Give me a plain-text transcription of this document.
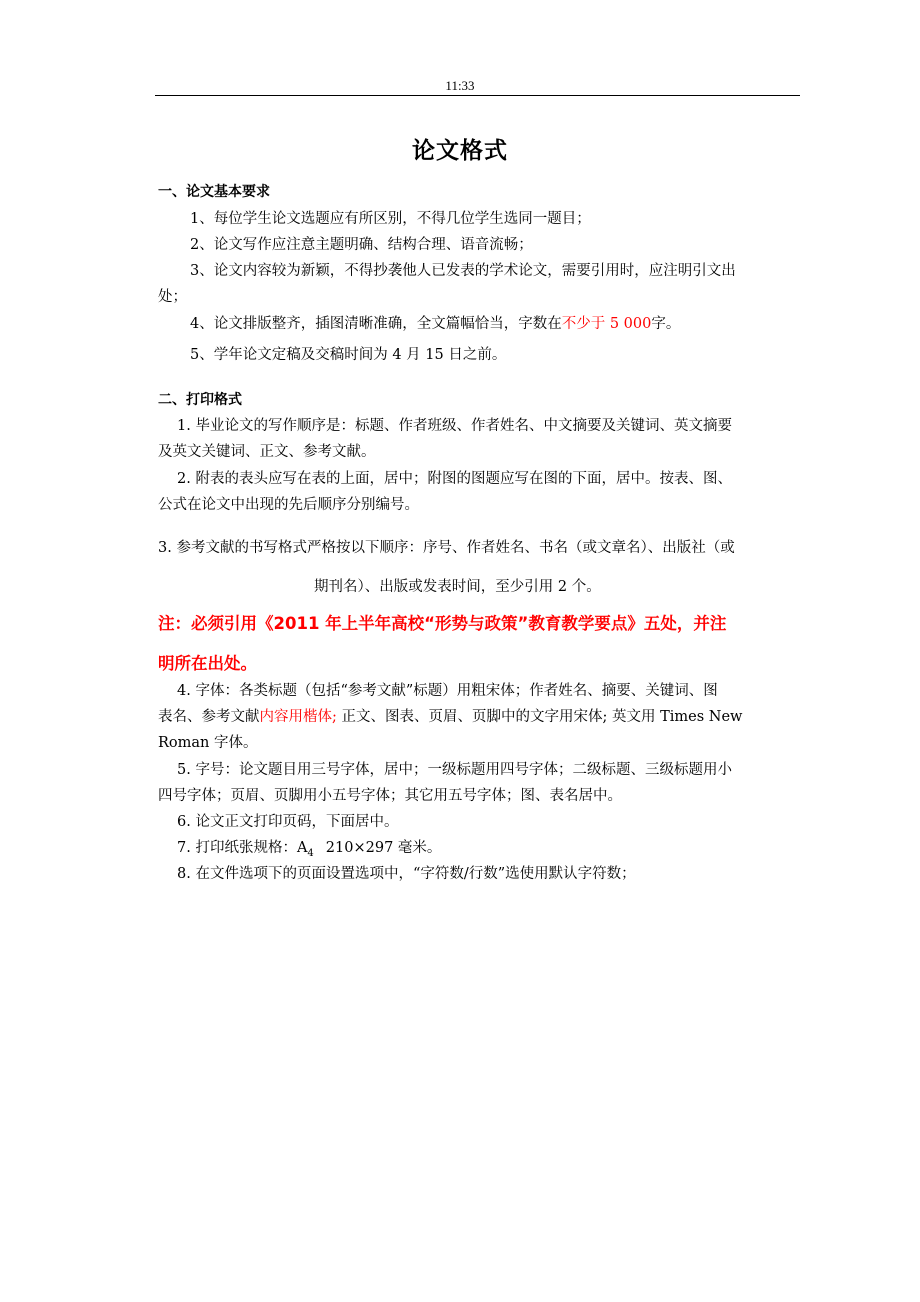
11:33
论文格式
一、论文基本要求
1、每位学生论文选题应有所区别，不得几位学生选同一题目；
2、论文写作应注意主题明确、结构合理、语音流畅；
3、论文内容较为新颖，不得抄袭他人已发表的学术论文，需要引用时，应注明引文出
处；
4、论文排版整齐，插图清晰准确，全文篇幅恰当，字数在不少于 5 000字。
5、学年论文定稿及交稿时间为 4 月 15 日之前。
二、打印格式
1. 毕业论文的写作顺序是：标题、作者班级、作者姓名、中文摘要及关键词、英文摘要
及英文关键词、正文、参考文献。
2. 附表的表头应写在表的上面，居中；附图的图题应写在图的下面，居中。按表、图、
公式在论文中出现的先后顺序分别编号。
3. 参考文献的书写格式严格按以下顺序：序号、作者姓名、书名（或文章名）、出版社（或
期刊名）、出版或发表时间，至少引用 2 个。
注：必须引用《2011 年上半年高校“形势与政策”教育教学要点》五处，并注
明所在出处。
4. 字体：各类标题（包括“参考文献”标题）用粗宋体；作者姓名、摘要、关键词、图
表名、参考文献内容用楷体; 正文、图表、页眉、页脚中的文字用宋体; 英文用 Times New
Roman 字体。
5. 字号：论文题目用三号字体，居中；一级标题用四号字体；二级标题、三级标题用小
四号字体；页眉、页脚用小五号字体；其它用五号字体；图、表名居中。
6. 论文正文打印页码，下面居中。
7. 打印纸张规格：$A_4$ 210×297 毫米。
8. 在文件选项下的页面设置选项中，“字符数/行数”选使用默认字符数；
